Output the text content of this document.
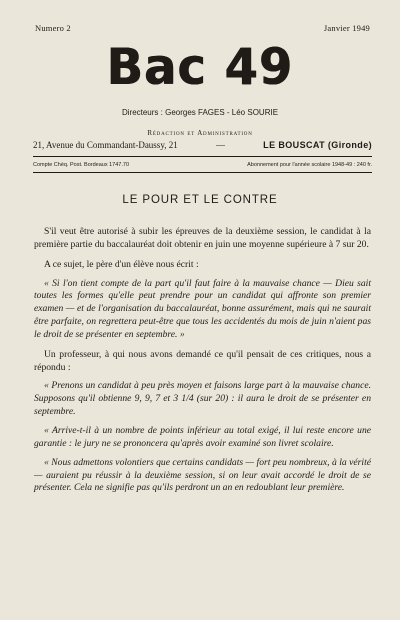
Numero 2	Janvier 1949
Bac 49
Directeurs : Georges FAGES - Léo SOURIE
Rédaction et Administration
21, Avenue du Commandant-Daussy, 21	—	LE BOUSCAT (Gironde)
Compte Chèq. Post. Bordeaux 1747.70	Abonnement pour l'année scolaire 1948-49 : 240 fr.
LE POUR ET LE CONTRE

S'il veut être autorisé à subir les épreuves de la deuxième session, le candidat à la première partie du baccalauréat doit obtenir en juin une moyenne supérieure à 7 sur 20.

A ce sujet, le père d'un élève nous écrit :

« Si l'on tient compte de la part qu'il faut faire à la mauvaise chance — Dieu sait toutes les formes qu'elle peut prendre pour un candidat qui affronte son premier examen — et de l'organisation du baccalauréat, bonne assurément, mais qui ne saurait être parfaite, on regrettera peut-être que tous les accidentés du mois de juin n'aient pas le droit de se présenter en septembre. »

Un professeur, à qui nous avons demandé ce qu'il pensait de ces critiques, nous a répondu :

« Prenons un candidat à peu près moyen et faisons large part à la mauvaise chance. Supposons qu'il obtienne 9, 9, 7 et 3 1/4 (sur 20) : il aura le droit de se présenter en septembre.

« Arrive-t-il à un nombre de points inférieur au total exigé, il lui reste encore une garantie : le jury ne se prononcera qu'après avoir examiné son livret scolaire.

« Nous admettons volontiers que certains candidats — fort peu nombreux, à la vérité — auraient pu réussir à la deuxième session, si on leur avait accordé le droit de se présenter. Cela ne signifie pas qu'ils perdront un an en redoublant leur première.
